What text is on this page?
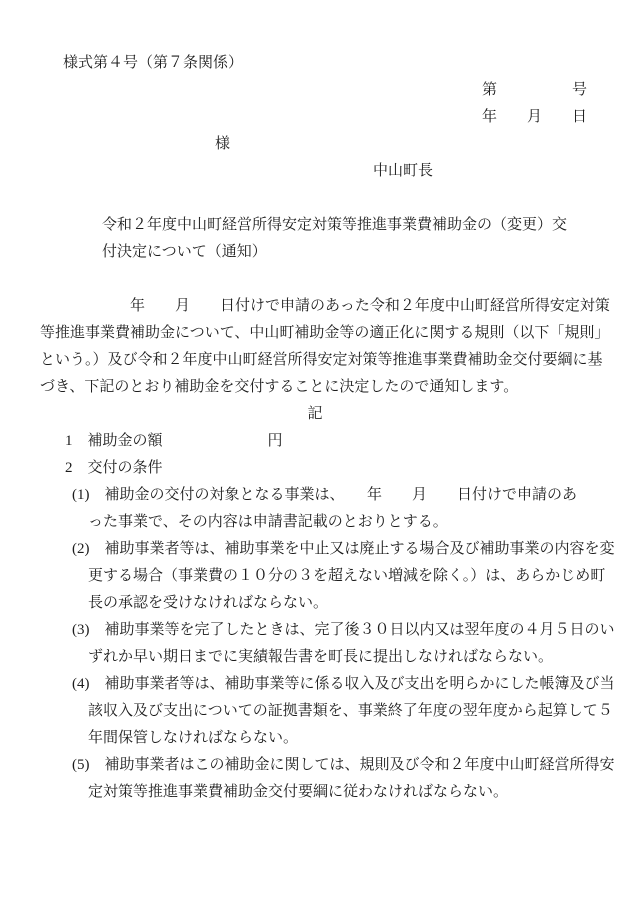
様式第４号（第７条関係）
第　　　　　号
年　　月　　日
様
中山町長
令和２年度中山町経営所得安定対策等推進事業費補助金の（変更）交
付決定について（通知）
　　　　　　年　　月　　日付けで申請のあった令和２年度中山町経営所得安定対策
等推進事業費補助金について、中山町補助金等の適正化に関する規則（以下「規則」
という。）及び令和２年度中山町経営所得安定対策等推進事業費補助金交付要綱に基
づき、下記のとおり補助金を交付することに決定したので通知します。
記
1　補助金の額　　　　　　　円
2　交付の条件
(1)　補助金の交付の対象となる事業は、　　年　　月　　日付けで申請のあ
った事業で、その内容は申請書記載のとおりとする。
(2)　補助事業者等は、補助事業を中止又は廃止する場合及び補助事業の内容を変
更する場合（事業費の１０分の３を超えない増減を除く。）は、あらかじめ町
長の承認を受けなければならない。
(3)　補助事業等を完了したときは、完了後３０日以内又は翌年度の４月５日のい
ずれか早い期日までに実績報告書を町長に提出しなければならない。
(4)　補助事業者等は、補助事業等に係る収入及び支出を明らかにした帳簿及び当
該収入及び支出についての証拠書類を、事業終了年度の翌年度から起算して５
年間保管しなければならない。
(5)　補助事業者はこの補助金に関しては、規則及び令和２年度中山町経営所得安
定対策等推進事業費補助金交付要綱に従わなければならない。
